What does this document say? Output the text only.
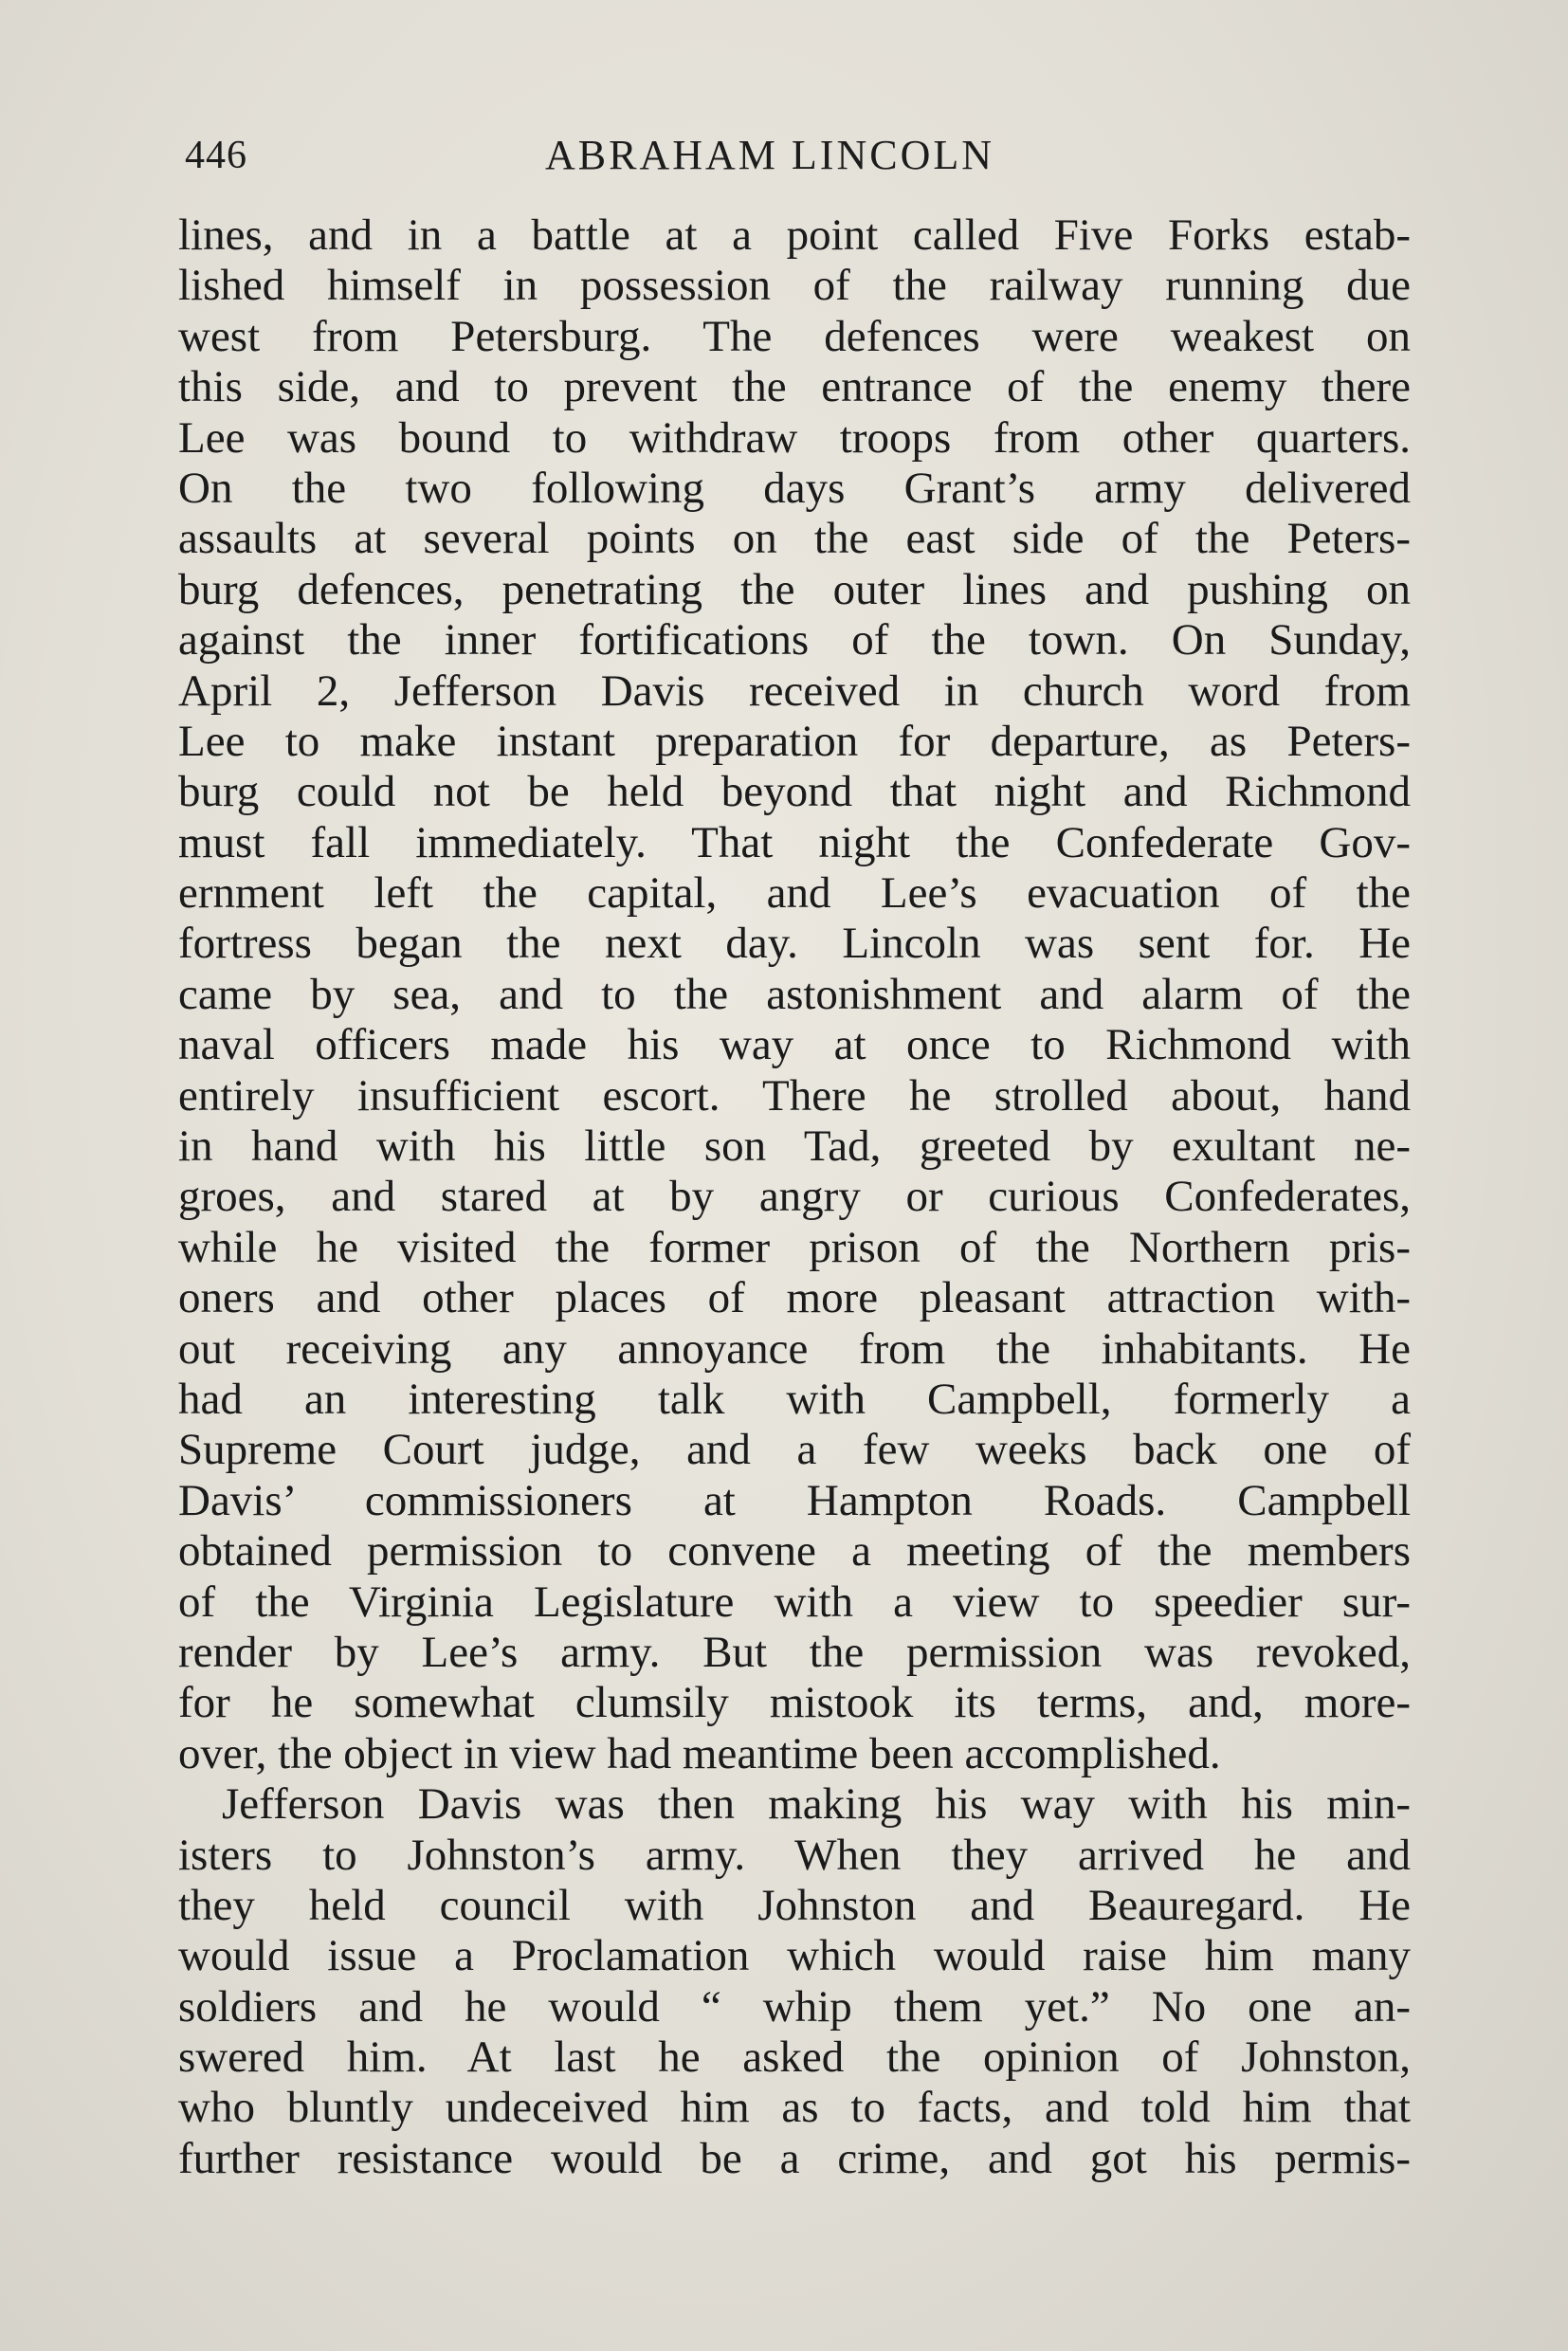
446	ABRAHAM LINCOLN
lines, and in a battle at a point called Five Forks estab-
lished himself in possession of the railway running due
west from Petersburg. The defences were weakest on
this side, and to prevent the entrance of the enemy there
Lee was bound to withdraw troops from other quarters.
On the two following days Grant’s army delivered
assaults at several points on the east side of the Peters-
burg defences, penetrating the outer lines and pushing on
against the inner fortifications of the town. On Sunday,
April 2, Jefferson Davis received in church word from
Lee to make instant preparation for departure, as Peters-
burg could not be held beyond that night and Richmond
must fall immediately. That night the Confederate Gov-
ernment left the capital, and Lee’s evacuation of the
fortress began the next day. Lincoln was sent for. He
came by sea, and to the astonishment and alarm of the
naval officers made his way at once to Richmond with
entirely insufficient escort. There he strolled about, hand
in hand with his little son Tad, greeted by exultant ne-
groes, and stared at by angry or curious Confederates,
while he visited the former prison of the Northern pris-
oners and other places of more pleasant attraction with-
out receiving any annoyance from the inhabitants. He
had an interesting talk with Campbell, formerly a
Supreme Court judge, and a few weeks back one of
Davis’ commissioners at Hampton Roads. Campbell
obtained permission to convene a meeting of the members
of the Virginia Legislature with a view to speedier sur-
render by Lee’s army. But the permission was revoked,
for he somewhat clumsily mistook its terms, and, more-
over, the object in view had meantime been accomplished.
Jefferson Davis was then making his way with his min-
isters to Johnston’s army. When they arrived he and
they held council with Johnston and Beauregard. He
would issue a Proclamation which would raise him many
soldiers and he would “ whip them yet.” No one an-
swered him. At last he asked the opinion of Johnston,
who bluntly undeceived him as to facts, and told him that
further resistance would be a crime, and got his permis-
